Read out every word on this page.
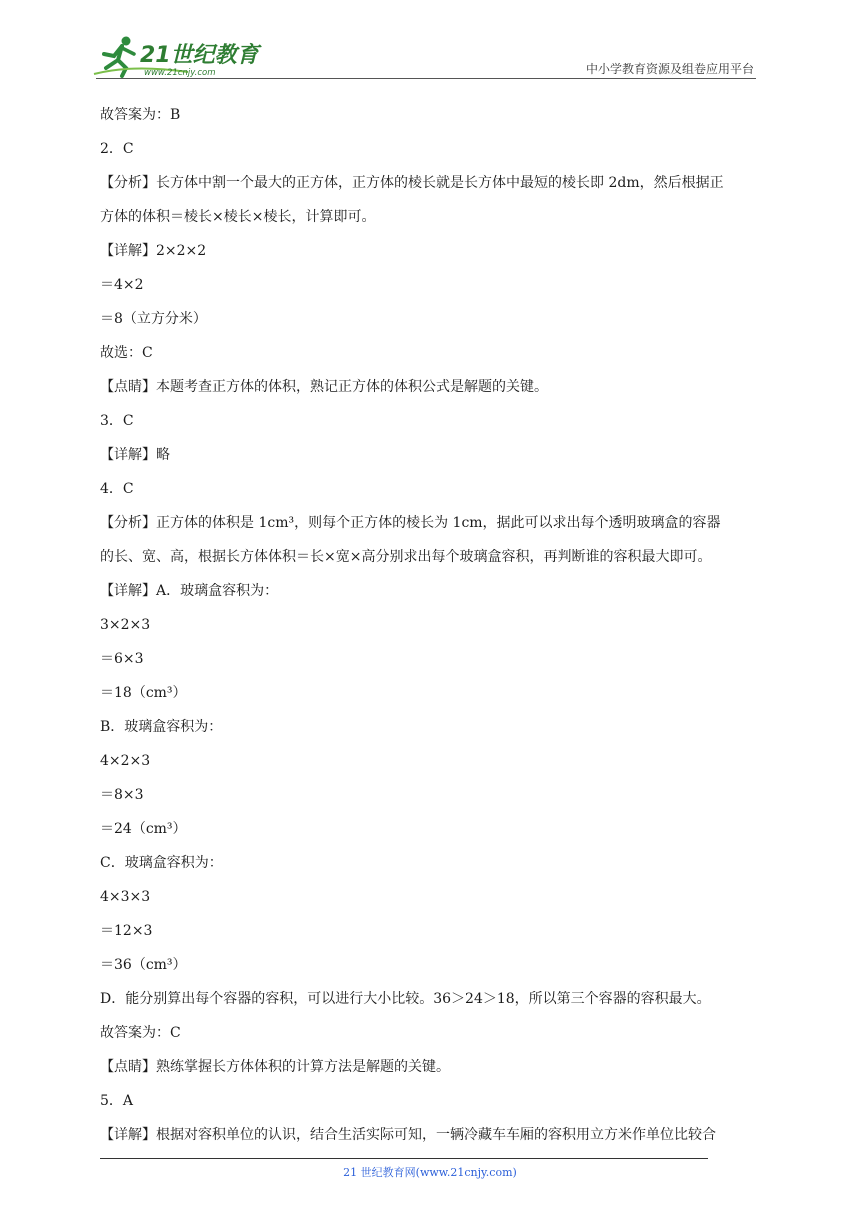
21世纪教育
www.21cnjy.com	中小学教育资源及组卷应用平台
故答案为：B
2．C
【分析】长方体中割一个最大的正方体，正方体的棱长就是长方体中最短的棱长即 2dm，然后根据正
方体的体积＝棱长×棱长×棱长，计算即可。
【详解】2×2×2
＝4×2
＝8（立方分米）
故选：C
【点睛】本题考查正方体的体积，熟记正方体的体积公式是解题的关键。
3．C
【详解】略
4．C
【分析】正方体的体积是 1cm³，则每个正方体的棱长为 1cm，据此可以求出每个透明玻璃盒的容器
的长、宽、高，根据长方体体积＝长×宽×高分别求出每个玻璃盒容积，再判断谁的容积最大即可。
【详解】A．玻璃盒容积为：
3×2×3
＝6×3
＝18（cm³）
B．玻璃盒容积为：
4×2×3
＝8×3
＝24（cm³）
C．玻璃盒容积为：
4×3×3
＝12×3
＝36（cm³）
D．能分别算出每个容器的容积，可以进行大小比较。36＞24＞18，所以第三个容器的容积最大。
故答案为：C
【点睛】熟练掌握长方体体积的计算方法是解题的关键。
5．A
【详解】根据对容积单位的认识，结合生活实际可知，一辆冷藏车车厢的容积用立方米作单位比较合
21 世纪教育网(www.21cnjy.com)
